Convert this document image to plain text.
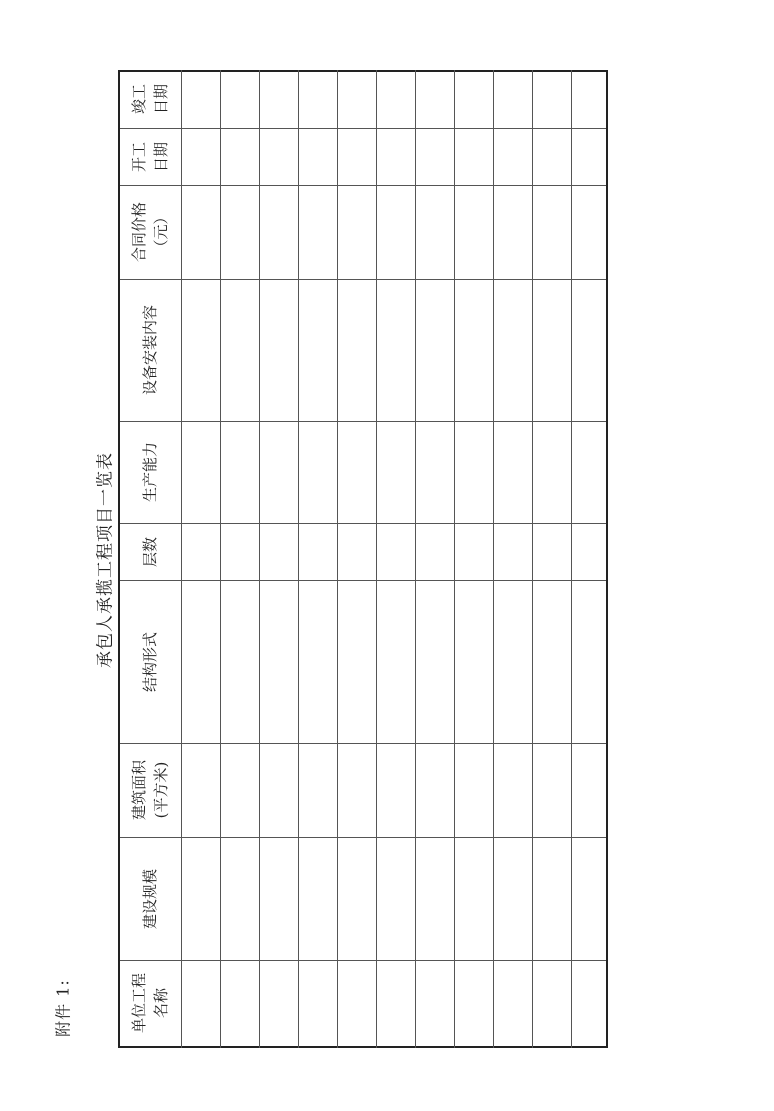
附件 1:
承包人承揽工程项目一览表
竣工 日期
开工 日期
合同价格 （元）
设备安装内容
生产能力
层数
结构形式
建筑面积 (平方米)
建设规模
单位工程 名称
